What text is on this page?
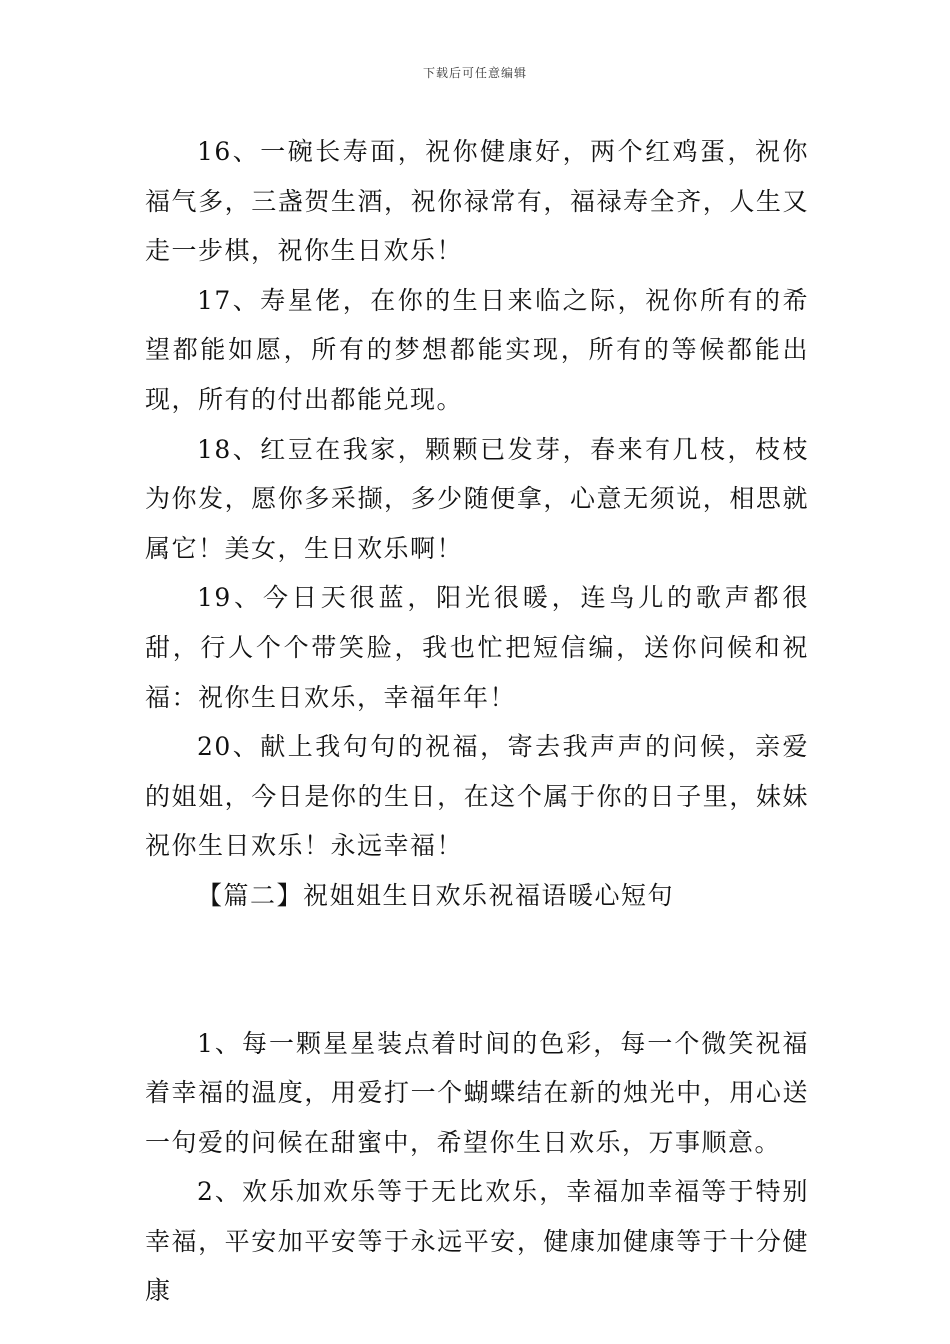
下载后可任意编辑

16、一碗长寿面，祝你健康好，两个红鸡蛋，祝你福气多，三盏贺生酒，祝你禄常有，福禄寿全齐，人生又走一步棋，祝你生日欢乐！

17、寿星佬，在你的生日来临之际，祝你所有的希望都能如愿，所有的梦想都能实现，所有的等候都能出现，所有的付出都能兑现。

18、红豆在我家，颗颗已发芽，春来有几枝，枝枝为你发，愿你多采撷，多少随便拿，心意无须说，相思就属它！美女，生日欢乐啊！

19、今日天很蓝，阳光很暖，连鸟儿的歌声都很甜，行人个个带笑脸，我也忙把短信编，送你问候和祝福：祝你生日欢乐，幸福年年！

20、献上我句句的祝福，寄去我声声的问候，亲爱的姐姐，今日是你的生日，在这个属于你的日子里，妹妹祝你生日欢乐！永远幸福！

【篇二】祝姐姐生日欢乐祝福语暖心短句

1、每一颗星星装点着时间的色彩，每一个微笑祝福着幸福的温度，用爱打一个蝴蝶结在新的烛光中，用心送一句爱的问候在甜蜜中，希望你生日欢乐，万事顺意。

2、欢乐加欢乐等于无比欢乐，幸福加幸福等于特别幸福，平安加平安等于永远平安，健康加健康等于十分健康
